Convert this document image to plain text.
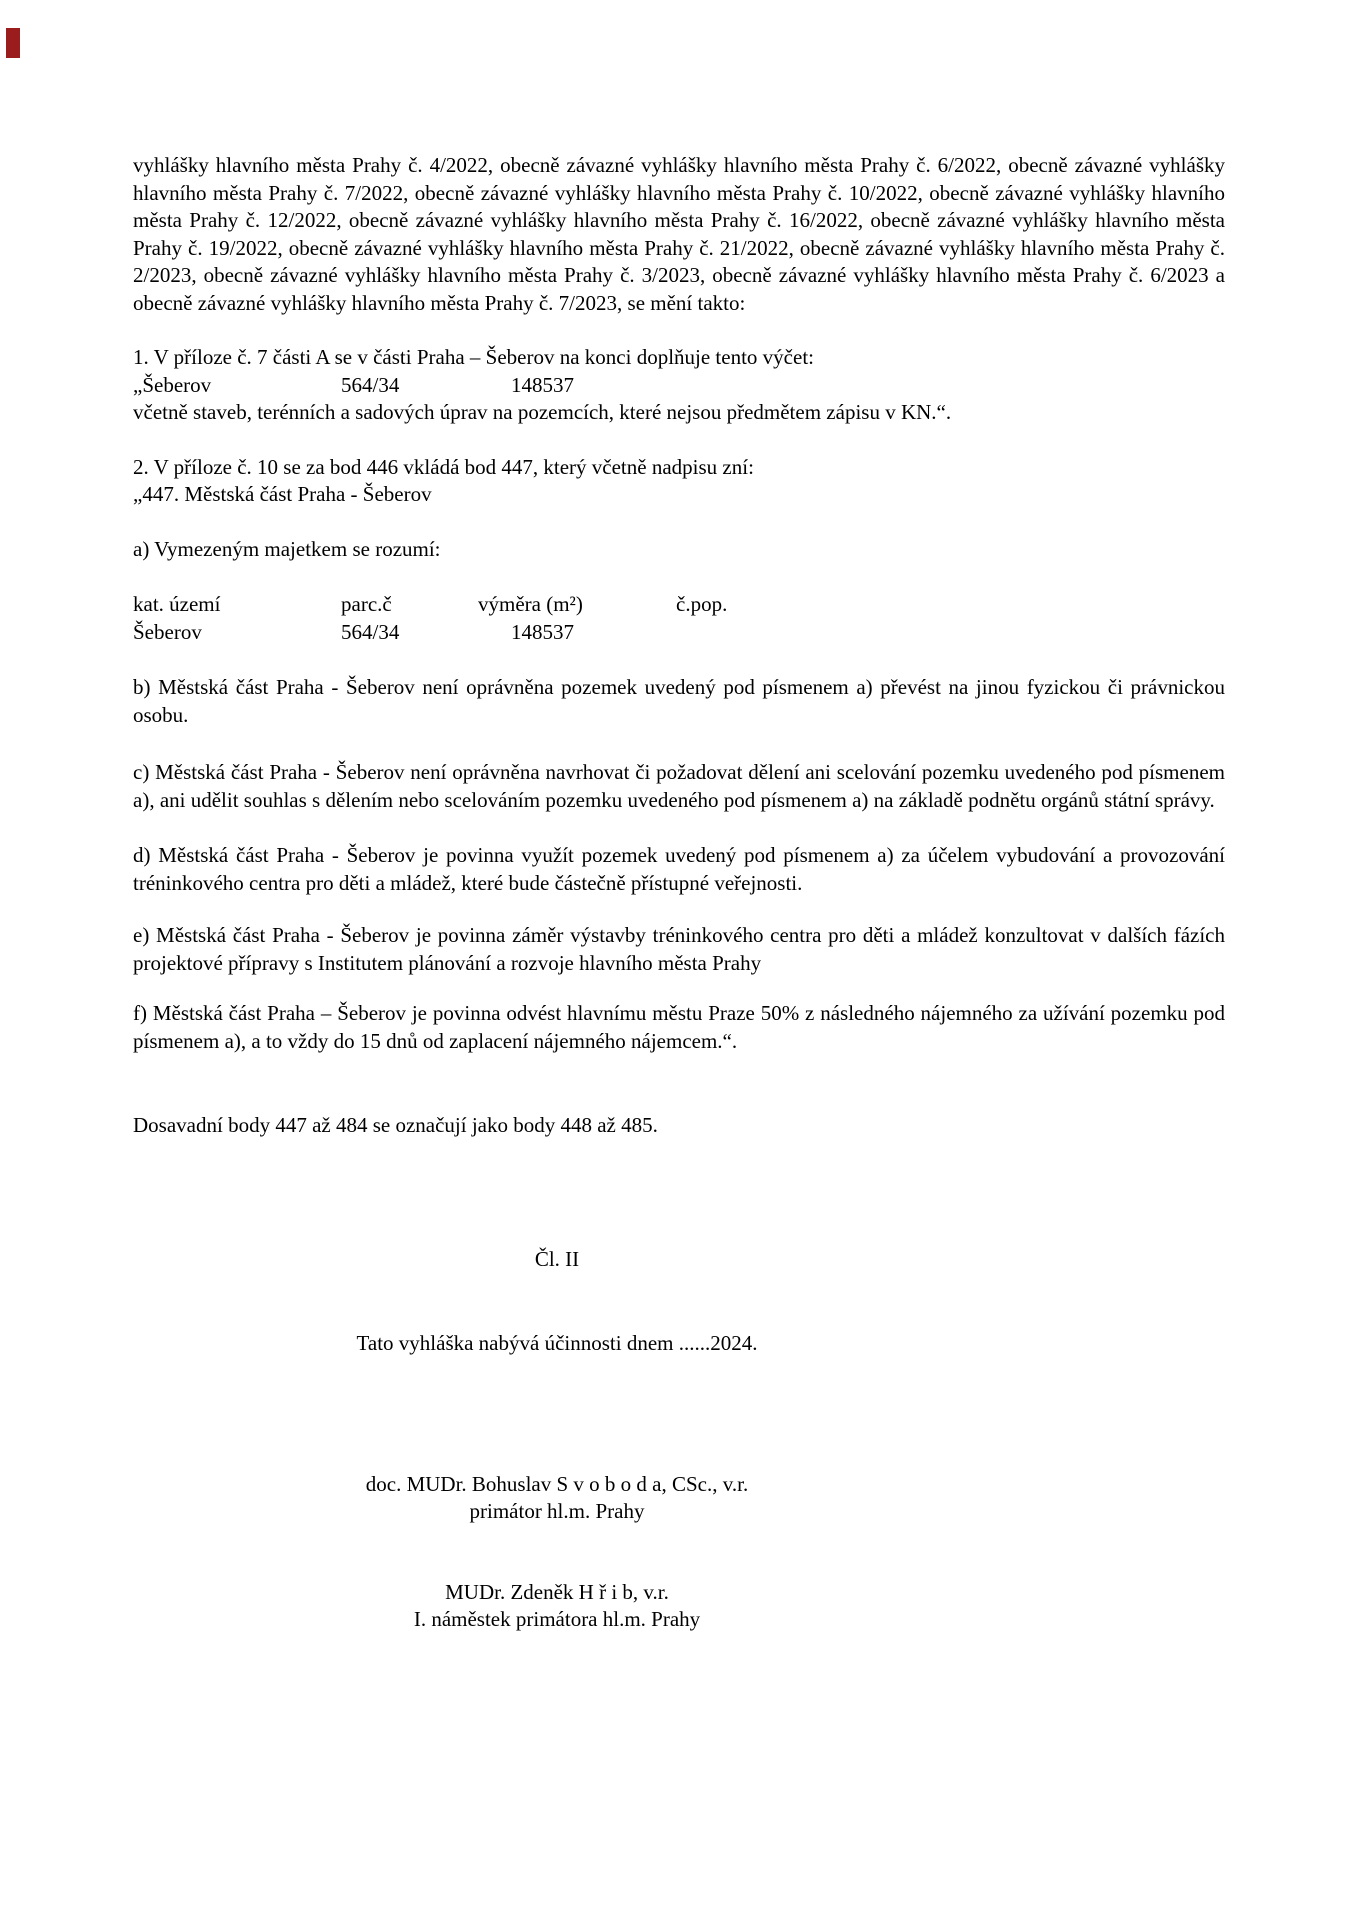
vyhlášky hlavního města Prahy č. 4/2022, obecně závazné vyhlášky hlavního města Prahy č. 6/2022, obecně závazné vyhlášky hlavního města Prahy č. 7/2022, obecně závazné vyhlášky hlavního města Prahy č. 10/2022, obecně závazné vyhlášky hlavního města Prahy č. 12/2022, obecně závazné vyhlášky hlavního města Prahy č. 16/2022, obecně závazné vyhlášky hlavního města Prahy č. 19/2022, obecně závazné vyhlášky hlavního města Prahy č. 21/2022, obecně závazné vyhlášky hlavního města Prahy č. 2/2023, obecně závazné vyhlášky hlavního města Prahy č. 3/2023, obecně závazné vyhlášky hlavního města Prahy č. 6/2023 a obecně závazné vyhlášky hlavního města Prahy č. 7/2023, se mění takto:

1. V příloze č. 7 části A se v části Praha – Šeberov na konci doplňuje tento výčet:

„Šeberov	564/34	148537

včetně staveb, terénních a sadových úprav na pozemcích, které nejsou předmětem zápisu v KN.“.

2. V příloze č. 10 se za bod 446 vkládá bod 447, který včetně nadpisu zní:

„447. Městská část Praha - Šeberov

a) Vymezeným majetkem se rozumí:

kat. území	parc.č	výměra (m²)	č.pop.
Šeberov	564/34	148537

b) Městská část Praha - Šeberov není oprávněna pozemek uvedený pod písmenem a) převést na jinou fyzickou či právnickou osobu.

c) Městská část Praha - Šeberov není oprávněna navrhovat či požadovat dělení ani scelování pozemku uvedeného pod písmenem a), ani udělit souhlas s dělením nebo scelováním pozemku uvedeného pod písmenem a) na základě podnětu orgánů státní správy.

d) Městská část Praha - Šeberov je povinna využít pozemek uvedený pod písmenem a) za účelem vybudování a provozování tréninkového centra pro děti a mládež, které bude částečně přístupné veřejnosti.

e) Městská část Praha - Šeberov je povinna záměr výstavby tréninkového centra pro děti a mládež konzultovat v dalších fázích projektové přípravy s Institutem plánování a rozvoje hlavního města Prahy

f) Městská část Praha – Šeberov je povinna odvést hlavnímu městu Praze 50% z následného nájemného za užívání pozemku pod písmenem a), a to vždy do 15 dnů od zaplacení nájemného nájemcem.“.

Dosavadní body 447 až 484 se označují jako body 448 až 485.

Čl. II

Tato vyhláška nabývá účinnosti dnem ......2024.

doc. MUDr. Bohuslav S v o b o d a, CSc., v.r.

primátor hl.m. Prahy

MUDr. Zdeněk H ř i b, v.r.

I. náměstek primátora hl.m. Prahy
